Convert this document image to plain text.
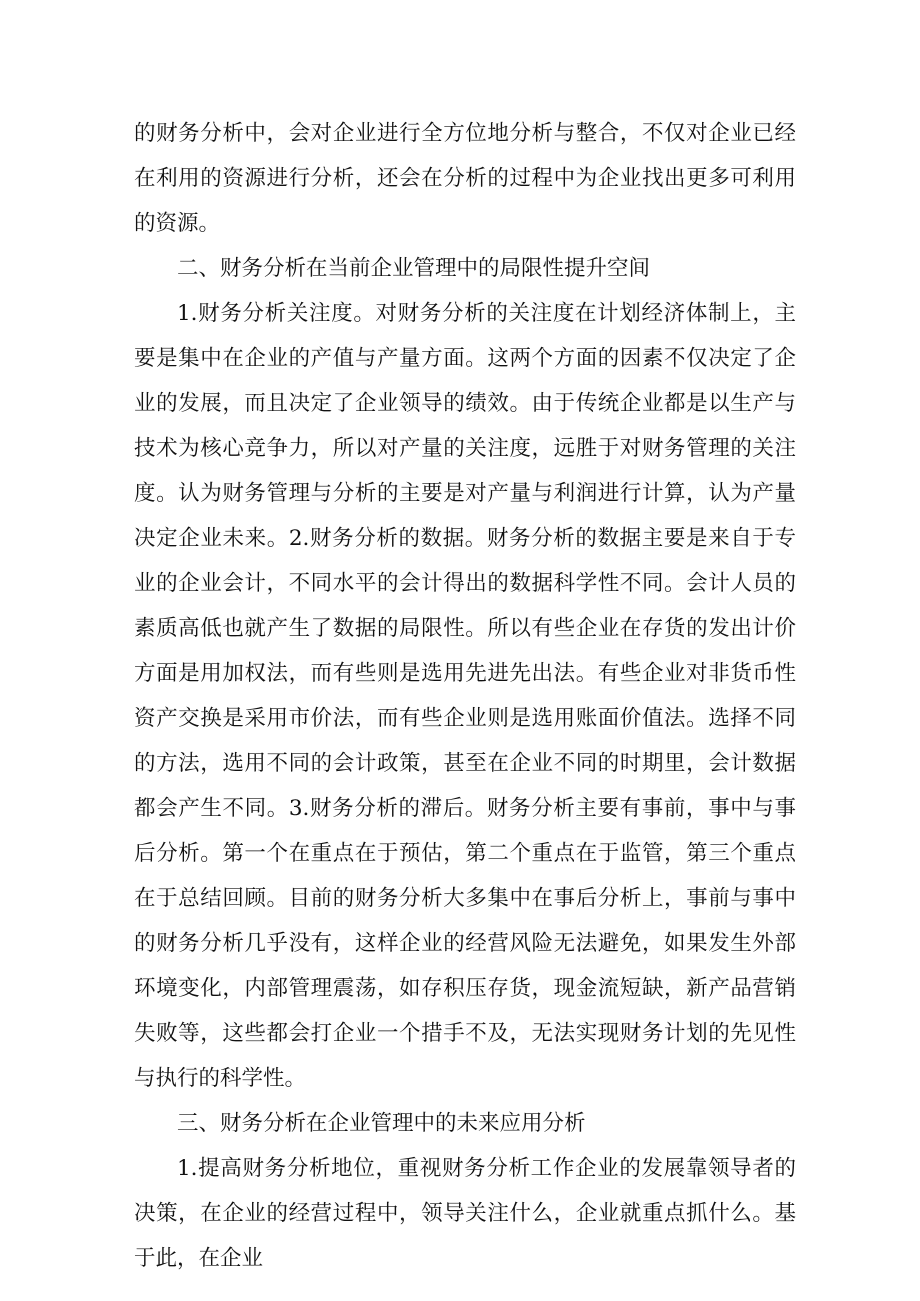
的财务分析中，会对企业进行全方位地分析与整合，不仅对企业已经在利用的资源进行分析，还会在分析的过程中为企业找出更多可利用的资源。

二、财务分析在当前企业管理中的局限性提升空间

1.财务分析关注度。对财务分析的关注度在计划经济体制上，主要是集中在企业的产值与产量方面。这两个方面的因素不仅决定了企业的发展，而且决定了企业领导的绩效。由于传统企业都是以生产与技术为核心竞争力，所以对产量的关注度，远胜于对财务管理的关注度。认为财务管理与分析的主要是对产量与利润进行计算，认为产量决定企业未来。2.财务分析的数据。财务分析的数据主要是来自于专业的企业会计，不同水平的会计得出的数据科学性不同。会计人员的素质高低也就产生了数据的局限性。所以有些企业在存货的发出计价方面是用加权法，而有些则是选用先进先出法。有些企业对非货币性资产交换是采用市价法，而有些企业则是选用账面价值法。选择不同的方法，选用不同的会计政策，甚至在企业不同的时期里，会计数据都会产生不同。3.财务分析的滞后。财务分析主要有事前，事中与事后分析。第一个在重点在于预估，第二个重点在于监管，第三个重点在于总结回顾。目前的财务分析大多集中在事后分析上，事前与事中的财务分析几乎没有，这样企业的经营风险无法避免，如果发生外部环境变化，内部管理震荡，如存积压存货，现金流短缺，新产品营销失败等，这些都会打企业一个措手不及，无法实现财务计划的先见性与执行的科学性。

三、财务分析在企业管理中的未来应用分析

1.提高财务分析地位，重视财务分析工作企业的发展靠领导者的决策，在企业的经营过程中，领导关注什么，企业就重点抓什么。基于此，在企业
